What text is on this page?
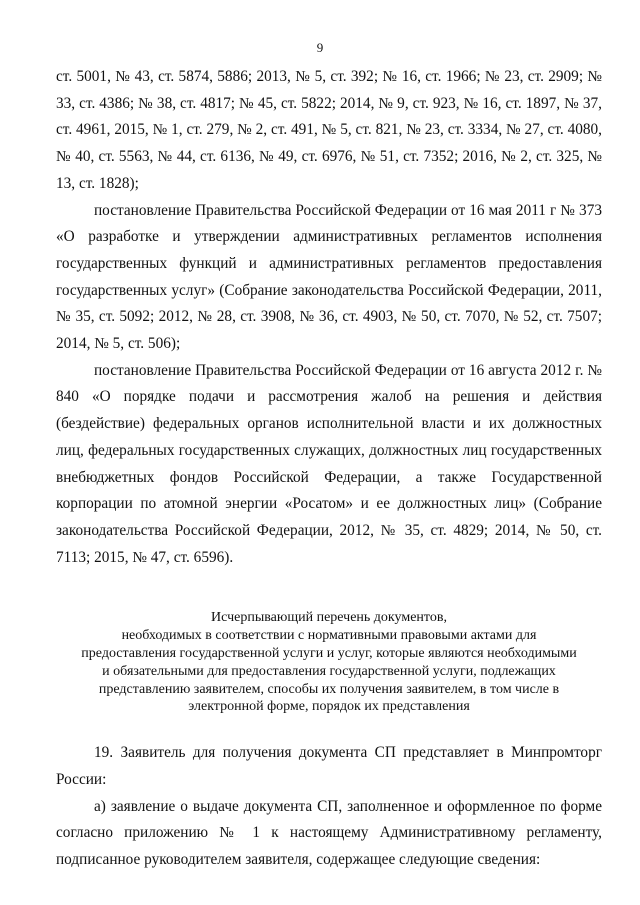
9

ст. 5001, № 43, ст. 5874, 5886; 2013, № 5, ст. 392; № 16, ст. 1966; № 23, ст. 2909; № 33, ст. 4386; № 38, ст. 4817; № 45, ст. 5822; 2014, № 9, ст. 923, № 16, ст. 1897, № 37, ст. 4961, 2015, № 1, ст. 279, № 2, ст. 491, № 5, ст. 821, № 23, ст. 3334, № 27, ст. 4080, № 40, ст. 5563, № 44, ст. 6136, № 49, ст. 6976, № 51, ст. 7352; 2016, № 2, ст. 325, № 13, ст. 1828);

постановление Правительства Российской Федерации от 16 мая 2011 г № 373 «О разработке и утверждении административных регламентов исполнения государственных функций и административных регламентов предоставления государственных услуг» (Собрание законодательства Российской Федерации, 2011, № 35, ст. 5092; 2012, № 28, ст. 3908, № 36, ст. 4903, № 50, ст. 7070, № 52, ст. 7507; 2014, № 5, ст. 506);

постановление Правительства Российской Федерации от 16 августа 2012 г. № 840 «О порядке подачи и рассмотрения жалоб на решения и действия (бездействие) федеральных органов исполнительной власти и их должностных лиц, федеральных государственных служащих, должностных лиц государственных внебюджетных фондов Российской Федерации, а также Государственной корпорации по атомной энергии «Росатом» и ее должностных лиц» (Собрание законодательства Российской Федерации, 2012, № 35, ст. 4829; 2014, № 50, ст. 7113; 2015, № 47, ст. 6596).

Исчерпывающий перечень документов,
необходимых в соответствии с нормативными правовыми актами для
предоставления государственной услуги и услуг, которые являются необходимыми
и обязательными для предоставления государственной услуги, подлежащих
представлению заявителем, способы их получения заявителем, в том числе в
электронной форме, порядок их представления

19. Заявитель для получения документа СП представляет в Минпромторг России:

а) заявление о выдаче документа СП, заполненное и оформленное по форме согласно приложению № 1 к настоящему Административному регламенту, подписанное руководителем заявителя, содержащее следующие сведения:
